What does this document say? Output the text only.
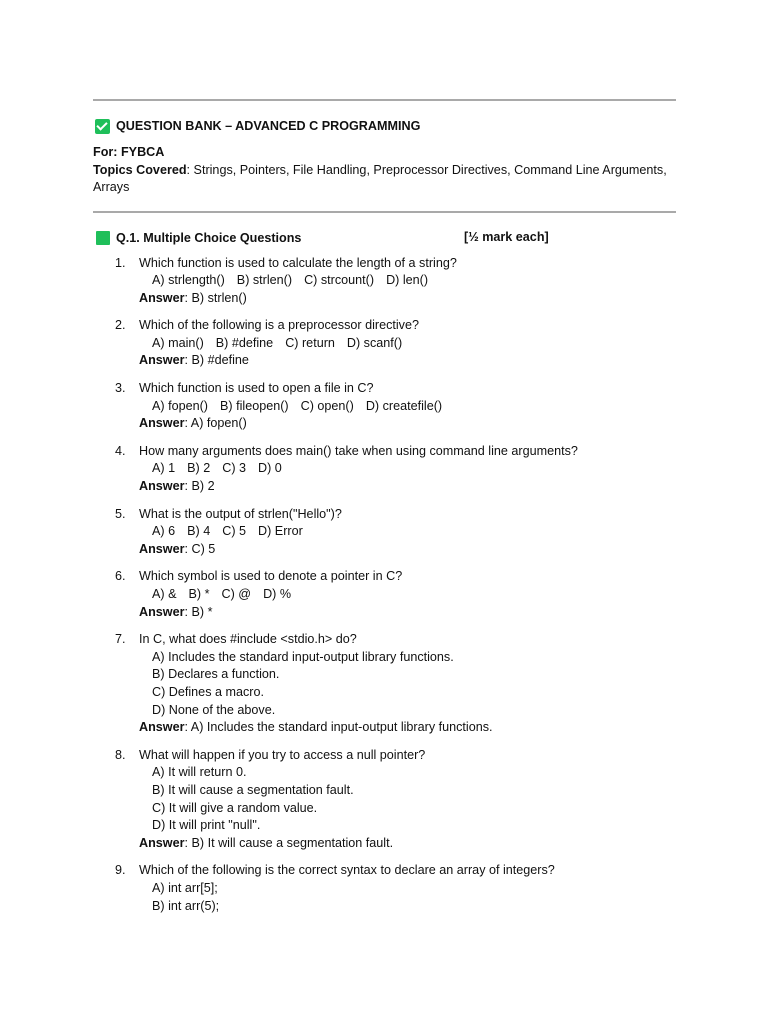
QUESTION BANK – ADVANCED C PROGRAMMING
For: FYBCA
Topics Covered: Strings, Pointers, File Handling, Preprocessor Directives, Command Line Arguments, Arrays
Q.1. Multiple Choice Questions	[½ mark each]
1. Which function is used to calculate the length of a string?
A) strlength() B) strlen() C) strcount() D) len()
Answer: B) strlen()
2. Which of the following is a preprocessor directive?
A) main() B) #define C) return D) scanf()
Answer: B) #define
3. Which function is used to open a file in C?
A) fopen() B) fileopen() C) open() D) createfile()
Answer: A) fopen()
4. How many arguments does main() take when using command line arguments?
A) 1 B) 2 C) 3 D) 0
Answer: B) 2
5. What is the output of strlen("Hello")?
A) 6 B) 4 C) 5 D) Error
Answer: C) 5
6. Which symbol is used to denote a pointer in C?
A) & B) * C) @ D) %
Answer: B) *
7. In C, what does #include <stdio.h> do?
A) Includes the standard input-output library functions.
B) Declares a function.
C) Defines a macro.
D) None of the above.
Answer: A) Includes the standard input-output library functions.
8. What will happen if you try to access a null pointer?
A) It will return 0.
B) It will cause a segmentation fault.
C) It will give a random value.
D) It will print "null".
Answer: B) It will cause a segmentation fault.
9. Which of the following is the correct syntax to declare an array of integers?
A) int arr[5];
B) int arr(5);
